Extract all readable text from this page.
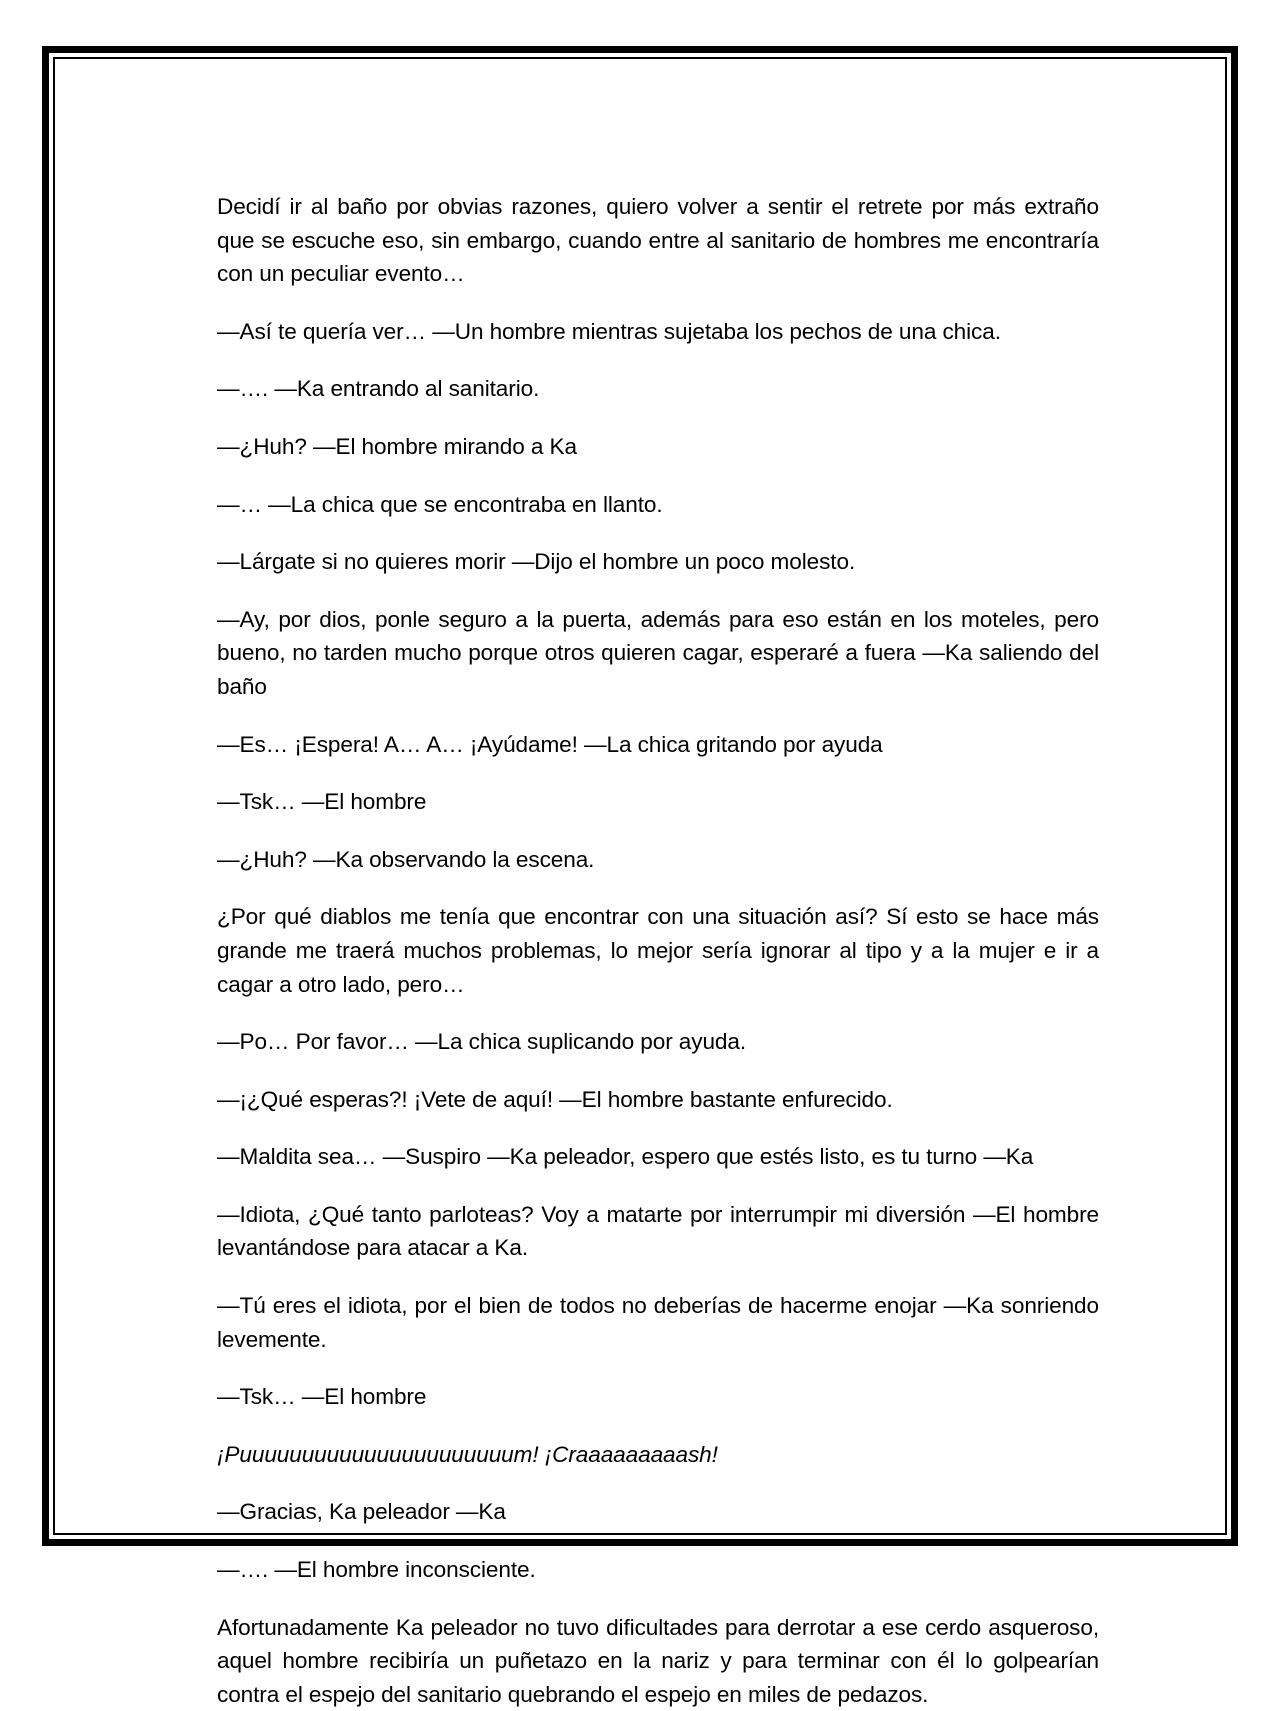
Decidí ir al baño por obvias razones, quiero volver a sentir el retrete por más extraño que se escuche eso, sin embargo, cuando entre al sanitario de hombres me encontraría con un peculiar evento…

—Así te quería ver… —Un hombre mientras sujetaba los pechos de una chica.

—…. —Ka entrando al sanitario.

—¿Huh? —El hombre mirando a Ka

—… —La chica que se encontraba en llanto.

—Lárgate si no quieres morir —Dijo el hombre un poco molesto.

—Ay, por dios, ponle seguro a la puerta, además para eso están en los moteles, pero bueno, no tarden mucho porque otros quieren cagar, esperaré a fuera —Ka saliendo del baño

—Es… ¡Espera! A… A… ¡Ayúdame! —La chica gritando por ayuda

—Tsk… —El hombre

—¿Huh? —Ka observando la escena.

¿Por qué diablos me tenía que encontrar con una situación así? Sí esto se hace más grande me traerá muchos problemas, lo mejor sería ignorar al tipo y a la mujer e ir a cagar a otro lado, pero…

—Po… Por favor… —La chica suplicando por ayuda.

—¡¿Qué esperas?! ¡Vete de aquí! —El hombre bastante enfurecido.

—Maldita sea… —Suspiro —Ka peleador, espero que estés listo, es tu turno —Ka

—Idiota, ¿Qué tanto parloteas? Voy a matarte por interrumpir mi diversión —El hombre levantándose para atacar a Ka.

—Tú eres el idiota, por el bien de todos no deberías de hacerme enojar —Ka sonriendo levemente.

—Tsk… —El hombre

¡Puuuuuuuuuuuuuuuuuuuuuum! ¡Craaaaaaaaash!

—Gracias, Ka peleador —Ka

—…. —El hombre inconsciente.

Afortunadamente Ka peleador no tuvo dificultades para derrotar a ese cerdo asqueroso, aquel hombre recibiría un puñetazo en la nariz y para terminar con él lo golpearían contra el espejo del sanitario quebrando el espejo en miles de pedazos.
